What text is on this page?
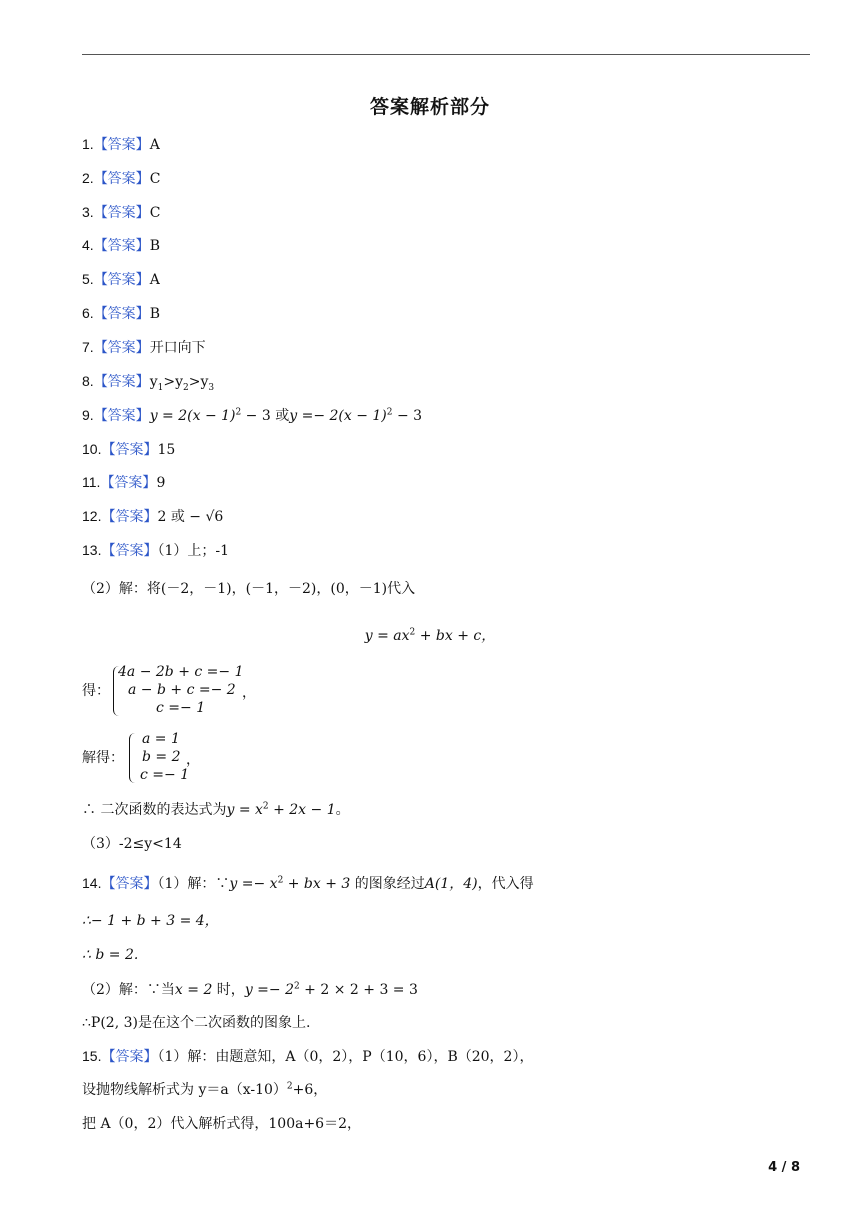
答案解析部分
1.【答案】A
2.【答案】C
3.【答案】C
4.【答案】B
5.【答案】A
6.【答案】B
7.【答案】开口向下
8.【答案】$y_1>y_2>y_3$
9.【答案】$y = 2(x - 1)^2 - 3$ 或$y =- 2(x - 1)^2 - 3$
10.【答案】15
11.【答案】9
12.【答案】2 或 − √6
13.【答案】（1）上；-1
（2）解：将(－2，－1)，(－1，－2)，(0，－1)代入
$y = ax^2$ + bx + c，
得：
4a − 2b + c =− 1
a − b + c =− 2
c =− 1
，
解得：
a = 1
b = 2
c =− 1
，
∴ 二次函数的表达式为$y = x^2 + 2x - 1$。
（3）-2≤y<14
14.【答案】（1）解：∵y =− $x^2$ + bx + 3 的图象经过A(1，4)，代入得
∴− 1 + b + 3 = 4，
∴ b = 2.
（2）解：∵当x = 2 时，$y =- 2^2 + 2 \times 2 + 3 = 3$
∴P(2, 3)是在这个二次函数的图象上.
15.【答案】（1）解：由题意知，A（0，2），P（10，6），B（20，2），
设抛物线解析式为 $y=a(x-10)^2+6$，
把 A（0，2）代入解析式得，100a+6＝2，
4 / 8
